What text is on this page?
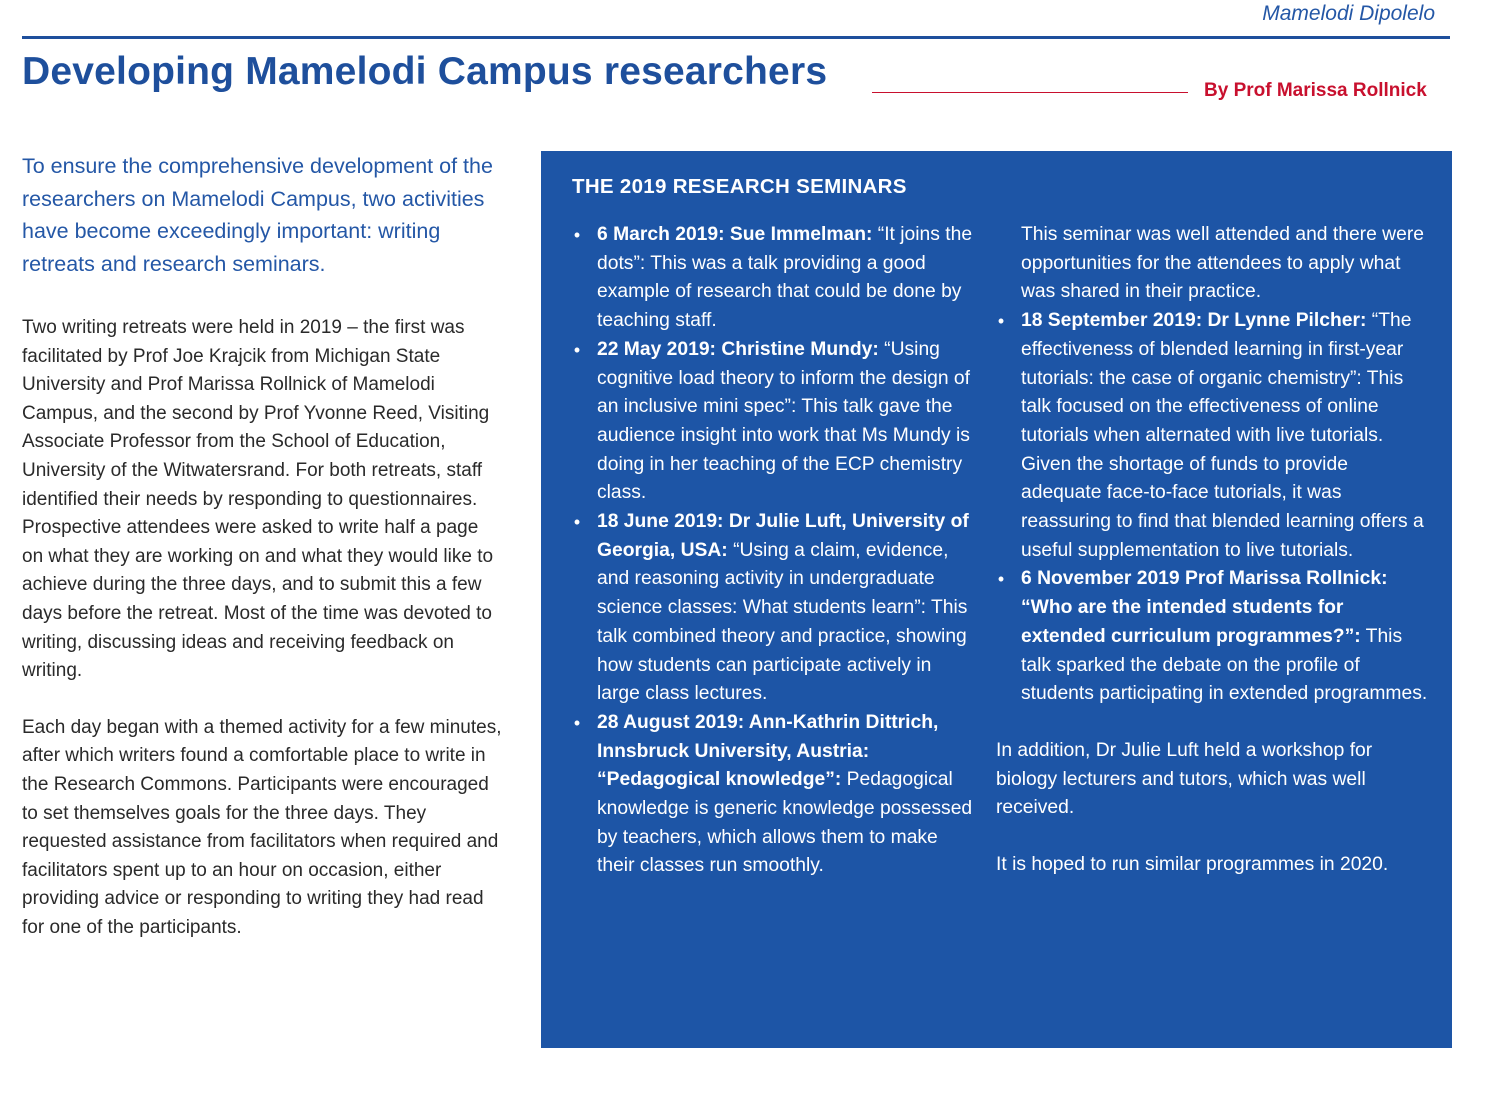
Mamelodi Dipolelo
Developing Mamelodi Campus researchers	By Prof Marissa Rollnick

To ensure the comprehensive development of the researchers on Mamelodi Campus, two activities have become exceedingly important: writing retreats and research seminars.

Two writing retreats were held in 2019 – the first was facilitated by Prof Joe Krajcik from Michigan State University and Prof Marissa Rollnick of Mamelodi Campus, and the second by Prof Yvonne Reed, Visiting Associate Professor from the School of Education, University of the Witwatersrand. For both retreats, staff identified their needs by responding to questionnaires. Prospective attendees were asked to write half a page on what they are working on and what they would like to achieve during the three days, and to submit this a few days before the retreat. Most of the time was devoted to writing, discussing ideas and receiving feedback on writing.

Each day began with a themed activity for a few minutes, after which writers found a comfortable place to write in the Research Commons. Participants were encouraged to set themselves goals for the three days. They requested assistance from facilitators when required and facilitators spent up to an hour on occasion, either providing advice or responding to writing they had read for one of the participants.

THE 2019 RESEARCH SEMINARS

• 6 March 2019: Sue Immelman: “It joins the dots”: This was a talk providing a good example of research that could be done by teaching staff.

• 22 May 2019: Christine Mundy: “Using cognitive load theory to inform the design of an inclusive mini spec”: This talk gave the audience insight into work that Ms Mundy is doing in her teaching of the ECP chemistry class.

• 18 June 2019: Dr Julie Luft, University of Georgia, USA: “Using a claim, evidence, and reasoning activity in undergraduate science classes: What students learn”: This talk combined theory and practice, showing how students can participate actively in large class lectures.

• 28 August 2019: Ann-Kathrin Dittrich, Innsbruck University, Austria: “Pedagogical knowledge”: Pedagogical knowledge is generic knowledge possessed by teachers, which allows them to make their classes run smoothly.

This seminar was well attended and there were opportunities for the attendees to apply what was shared in their practice.

• 18 September 2019: Dr Lynne Pilcher: “The effectiveness of blended learning in first-year tutorials: the case of organic chemistry”: This talk focused on the effectiveness of online tutorials when alternated with live tutorials. Given the shortage of funds to provide adequate face-to-face tutorials, it was reassuring to find that blended learning offers a useful supplementation to live tutorials.

• 6 November 2019 Prof Marissa Rollnick: “Who are the intended students for extended curriculum programmes?”: This talk sparked the debate on the profile of students participating in extended programmes.

In addition, Dr Julie Luft held a workshop for biology lecturers and tutors, which was well received.

It is hoped to run similar programmes in 2020.
